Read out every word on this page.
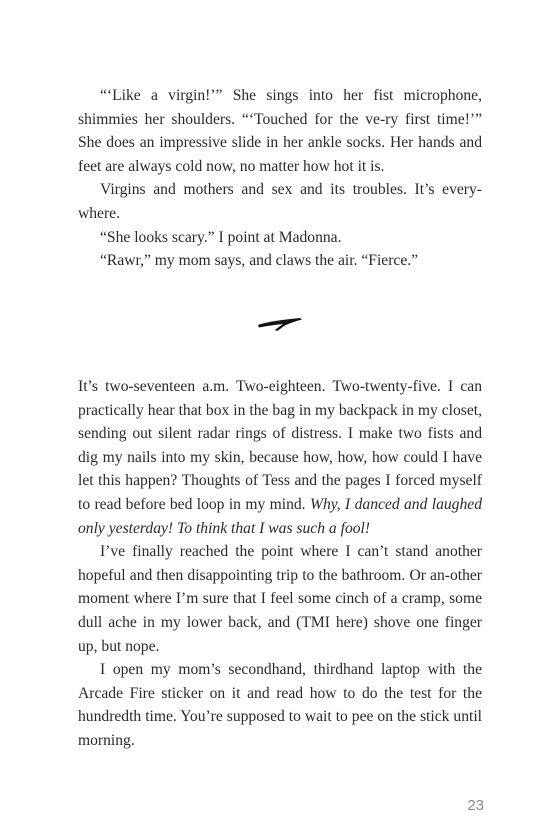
“‘Like a virgin!’” She sings into her fist microphone, shimmies her shoulders. “‘Touched for the ve-ry first time!’” She does an impressive slide in her ankle socks. Her hands and feet are always cold now, no matter how hot it is.

Virgins and mothers and sex and its troubles. It’s every-where.

“She looks scary.” I point at Madonna.

“Rawr,” my mom says, and claws the air. “Fierce.”

It’s two-seventeen a.m. Two-eighteen. Two-twenty-five. I can practically hear that box in the bag in my backpack in my closet, sending out silent radar rings of distress. I make two fists and dig my nails into my skin, because how, how, how could I have let this happen? Thoughts of Tess and the pages I forced myself to read before bed loop in my mind. Why, I danced and laughed only yesterday! To think that I was such a fool!

I’ve finally reached the point where I can’t stand another hopeful and then disappointing trip to the bathroom. Or an-other moment where I’m sure that I feel some cinch of a cramp, some dull ache in my lower back, and (TMI here) shove one finger up, but nope.

I open my mom’s secondhand, thirdhand laptop with the Arcade Fire sticker on it and read how to do the test for the hundredth time. You’re supposed to wait to pee on the stick until morning.

23
